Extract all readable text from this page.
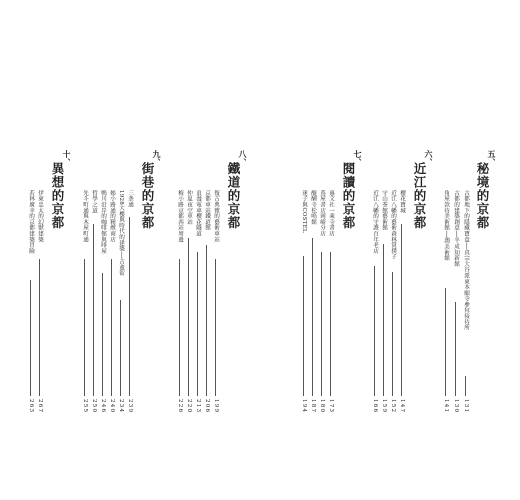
五、
秘境的京都
古都地下的隱藏寶盒──真宗大谷派東本願寺參拜接待所
131
古都的建築創意──半成知新館
130
角屋款待美術館──潤美術館
141
六、
近江的京都
櫻花寶城
147
近江八幡的藝術森林賞撲子
152
守山茶館藝術館
159
近江八幡的守護百年老店
166
七、
閱讀的京都
惠文社一乘寺書店
173
蔦屋書店岡崎分店
180
醍醐寺松鳴館
187
迷子與COSTEL
194
八、
鐵道的京都
復古典雅的藝術車站
199
京都車站鐵道館
206
浪漫電車櫻花隧道
213
仲夏夜空車站
220
梅小路京都西站周邊
226
九、
街巷的京都
三条通
239
1928大樓與時代的建築──古董街
234
姊小路通的精緻商店
240
鴨川沿岸的咖啡館與啡屋
246
哲學之道
250
先斗町通與木屋町通
255
十、
異想的京都
伊東忠太的幻獸建築
267
若林廣幸的京都建築冒險
263
